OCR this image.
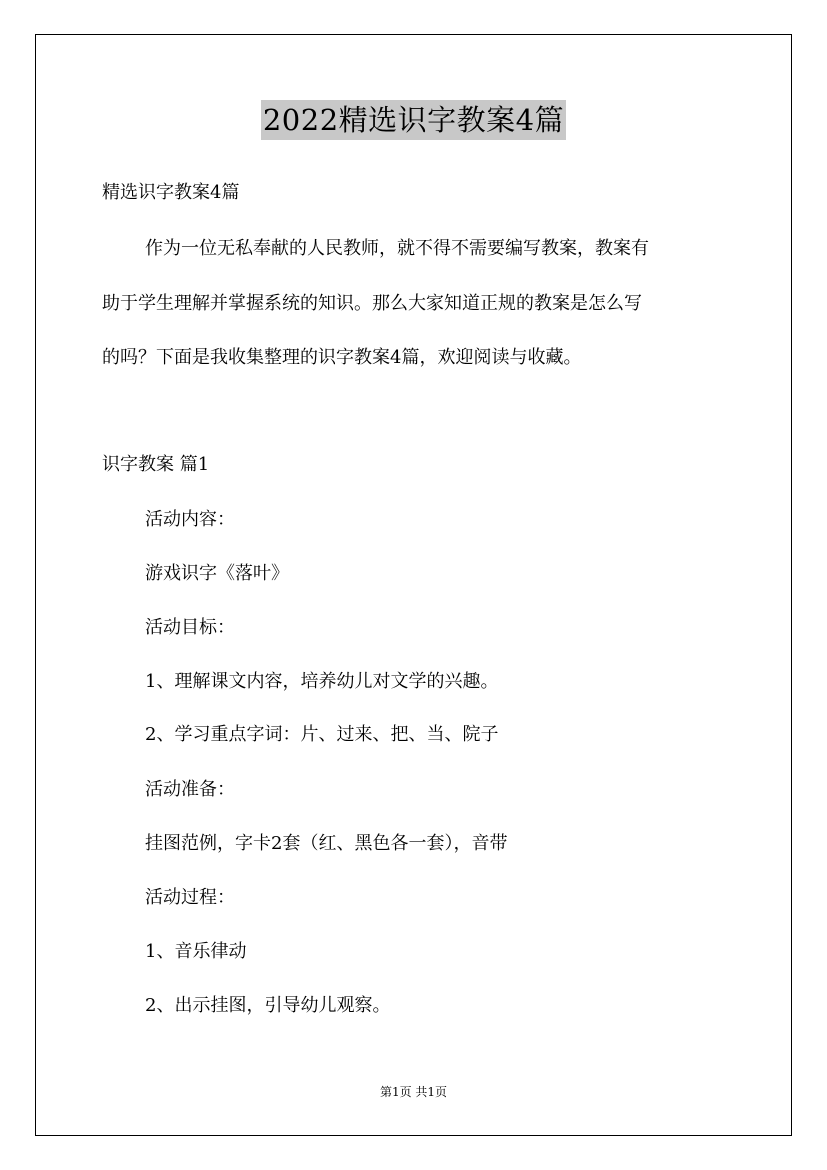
2022精选识字教案4篇
精选识字教案4篇
作为一位无私奉献的人民教师，就不得不需要编写教案，教案有
助于学生理解并掌握系统的知识。那么大家知道正规的教案是怎么写
的吗？下面是我收集整理的识字教案4篇，欢迎阅读与收藏。
识字教案 篇1
活动内容：
游戏识字《落叶》
活动目标：
1、理解课文内容，培养幼儿对文学的兴趣。
2、学习重点字词：片、过来、把、当、院子
活动准备：
挂图范例，字卡2套（红、黑色各一套），音带
活动过程：
1、音乐律动
2、出示挂图，引导幼儿观察。
第1页 共1页
